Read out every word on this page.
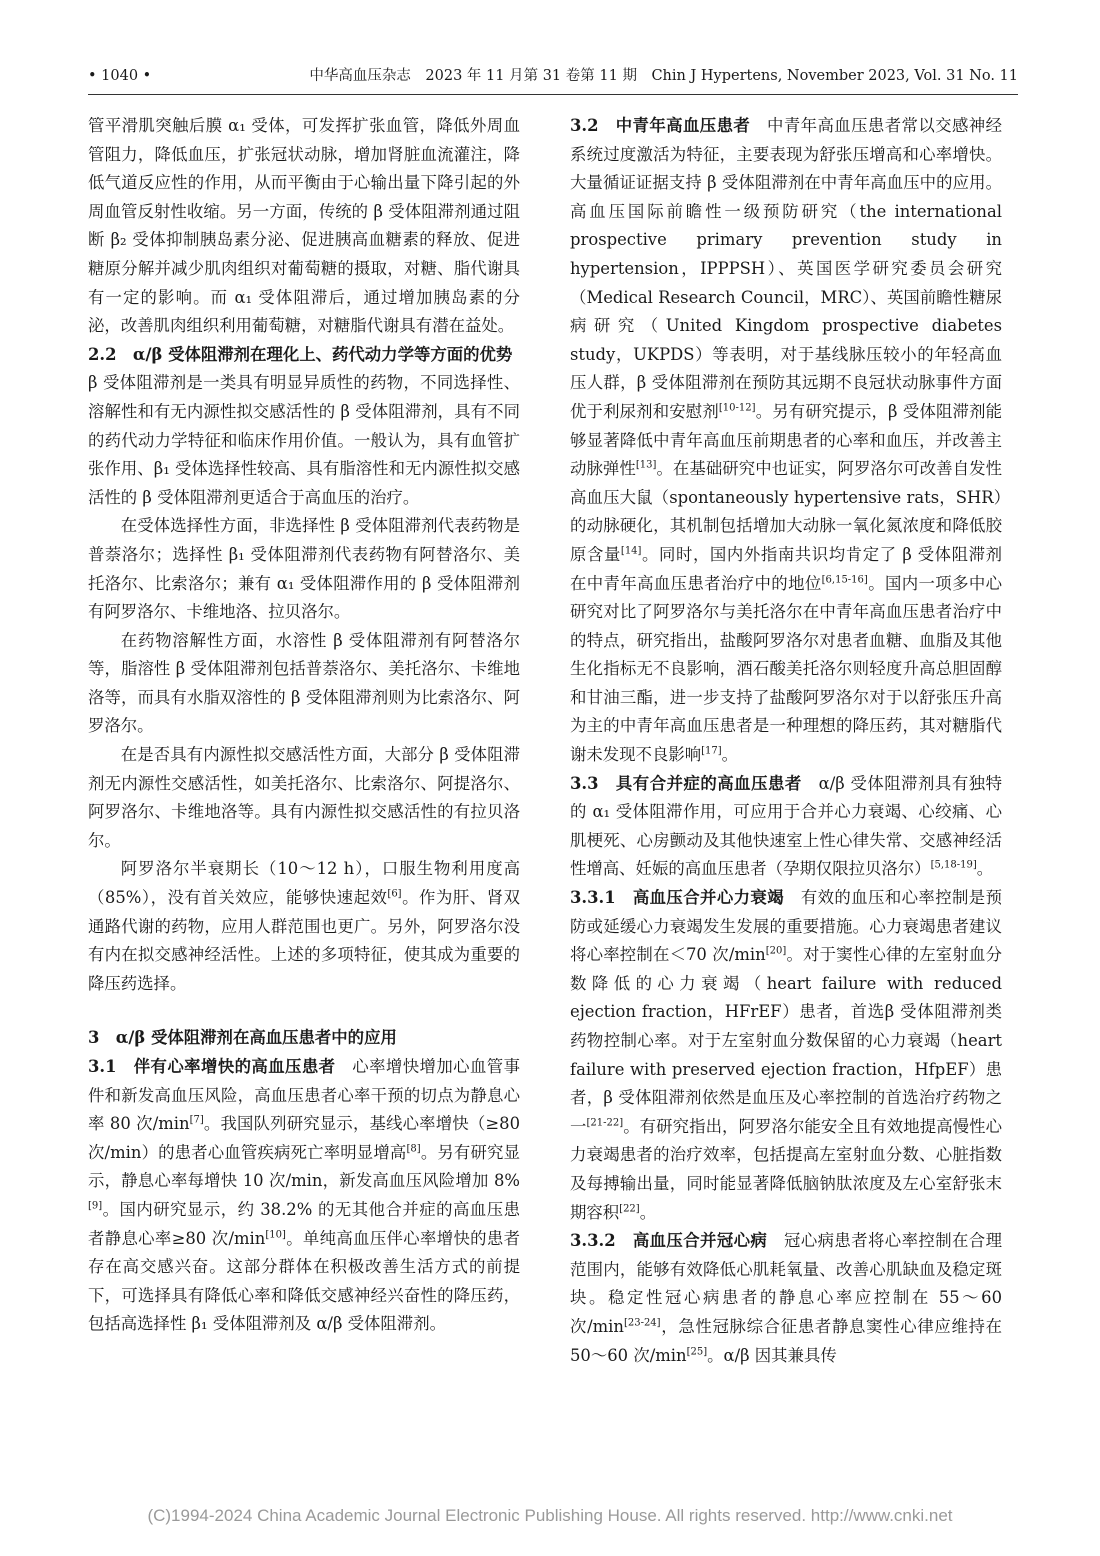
• 1040 •	中华高血压杂志　2023 年 11 月第 31 卷第 11 期　Chin J Hypertens, November 2023, Vol. 31 No. 11

管平滑肌突触后膜 α₁ 受体，可发挥扩张血管，降低外周血管阻力，降低血压，扩张冠状动脉，增加肾脏血流灌注，降低气道反应性的作用，从而平衡由于心输出量下降引起的外周血管反射性收缩。另一方面，传统的 β 受体阻滞剂通过阻断 β₂ 受体抑制胰岛素分泌、促进胰高血糖素的释放、促进糖原分解并减少肌肉组织对葡萄糖的摄取，对糖、脂代谢具有一定的影响。而 α₁ 受体阻滞后，通过增加胰岛素的分泌，改善肌肉组织利用葡萄糖，对糖脂代谢具有潜在益处。

2.2　α/β 受体阻滞剂在理化上、药代动力学等方面的优势　β 受体阻滞剂是一类具有明显异质性的药物，不同选择性、溶解性和有无内源性拟交感活性的 β 受体阻滞剂，具有不同的药代动力学特征和临床作用价值。一般认为，具有血管扩张作用、β₁ 受体选择性较高、具有脂溶性和无内源性拟交感活性的 β 受体阻滞剂更适合于高血压的治疗。

在受体选择性方面，非选择性 β 受体阻滞剂代表药物是普萘洛尔；选择性 β₁ 受体阻滞剂代表药物有阿替洛尔、美托洛尔、比索洛尔；兼有 α₁ 受体阻滞作用的 β 受体阻滞剂有阿罗洛尔、卡维地洛、拉贝洛尔。

在药物溶解性方面，水溶性 β 受体阻滞剂有阿替洛尔等，脂溶性 β 受体阻滞剂包括普萘洛尔、美托洛尔、卡维地洛等，而具有水脂双溶性的 β 受体阻滞剂则为比索洛尔、阿罗洛尔。

在是否具有内源性拟交感活性方面，大部分 β 受体阻滞剂无内源性交感活性，如美托洛尔、比索洛尔、阿提洛尔、阿罗洛尔、卡维地洛等。具有内源性拟交感活性的有拉贝洛尔。

阿罗洛尔半衰期长（10～12 h），口服生物利用度高（85%），没有首关效应，能够快速起效[6]。作为肝、肾双通路代谢的药物，应用人群范围也更广。另外，阿罗洛尔没有内在拟交感神经活性。上述的多项特征，使其成为重要的降压药选择。

3　α/β 受体阻滞剂在高血压患者中的应用

3.1　伴有心率增快的高血压患者　心率增快增加心血管事件和新发高血压风险，高血压患者心率干预的切点为静息心率 80 次/min[7]。我国队列研究显示，基线心率增快（≥80 次/min）的患者心血管疾病死亡率明显增高[8]。另有研究显示，静息心率每增快 10 次/min，新发高血压风险增加 8%[9]。国内研究显示，约 38.2% 的无其他合并症的高血压患者静息心率≥80 次/min[10]。单纯高血压伴心率增快的患者存在高交感兴奋。这部分群体在积极改善生活方式的前提下，可选择具有降低心率和降低交感神经兴奋性的降压药，包括高选择性 β₁ 受体阻滞剂及 α/β 受体阻滞剂。

3.2　中青年高血压患者　中青年高血压患者常以交感神经系统过度激活为特征，主要表现为舒张压增高和心率增快。大量循证证据支持 β 受体阻滞剂在中青年高血压中的应用。高血压国际前瞻性一级预防研究（the international prospective primary prevention study in hypertension，IPPPSH）、英国医学研究委员会研究（Medical Research Council，MRC）、英国前瞻性糖尿病研究（United Kingdom prospective diabetes study，UKPDS）等表明，对于基线脉压较小的年轻高血压人群，β 受体阻滞剂在预防其远期不良冠状动脉事件方面优于利尿剂和安慰剂[10-12]。另有研究提示，β 受体阻滞剂能够显著降低中青年高血压前期患者的心率和血压，并改善主动脉弹性[13]。在基础研究中也证实，阿罗洛尔可改善自发性高血压大鼠（spontaneously hypertensive rats，SHR）的动脉硬化，其机制包括增加大动脉一氧化氮浓度和降低胶原含量[14]。同时，国内外指南共识均肯定了 β 受体阻滞剂在中青年高血压患者治疗中的地位[6,15-16]。国内一项多中心研究对比了阿罗洛尔与美托洛尔在中青年高血压患者治疗中的特点，研究指出，盐酸阿罗洛尔对患者血糖、血脂及其他生化指标无不良影响，酒石酸美托洛尔则轻度升高总胆固醇和甘油三酯，进一步支持了盐酸阿罗洛尔对于以舒张压升高为主的中青年高血压患者是一种理想的降压药，其对糖脂代谢未发现不良影响[17]。

3.3　具有合并症的高血压患者　α/β 受体阻滞剂具有独特的 α₁ 受体阻滞作用，可应用于合并心力衰竭、心绞痛、心肌梗死、心房颤动及其他快速室上性心律失常、交感神经活性增高、妊娠的高血压患者（孕期仅限拉贝洛尔）[5,18-19]。

3.3.1　高血压合并心力衰竭　有效的血压和心率控制是预防或延缓心力衰竭发生发展的重要措施。心力衰竭患者建议将心率控制在＜70 次/min[20]。对于窦性心律的左室射血分数降低的心力衰竭（heart failure with reduced ejection fraction，HFrEF）患者，首选β 受体阻滞剂类药物控制心率。对于左室射血分数保留的心力衰竭（heart failure with preserved ejection fraction，HfpEF）患者，β 受体阻滞剂依然是血压及心率控制的首选治疗药物之一[21-22]。有研究指出，阿罗洛尔能安全且有效地提高慢性心力衰竭患者的治疗效率，包括提高左室射血分数、心脏指数及每搏输出量，同时能显著降低脑钠肽浓度及左心室舒张末期容积[22]。

3.3.2　高血压合并冠心病　冠心病患者将心率控制在合理范围内，能够有效降低心肌耗氧量、改善心肌缺血及稳定斑块。稳定性冠心病患者的静息心率应控制在 55～60 次/min[23-24]，急性冠脉综合征患者静息窦性心律应维持在 50～60 次/min[25]。α/β 因其兼具传

(C)1994-2024 China Academic Journal Electronic Publishing House. All rights reserved. http://www.cnki.net
